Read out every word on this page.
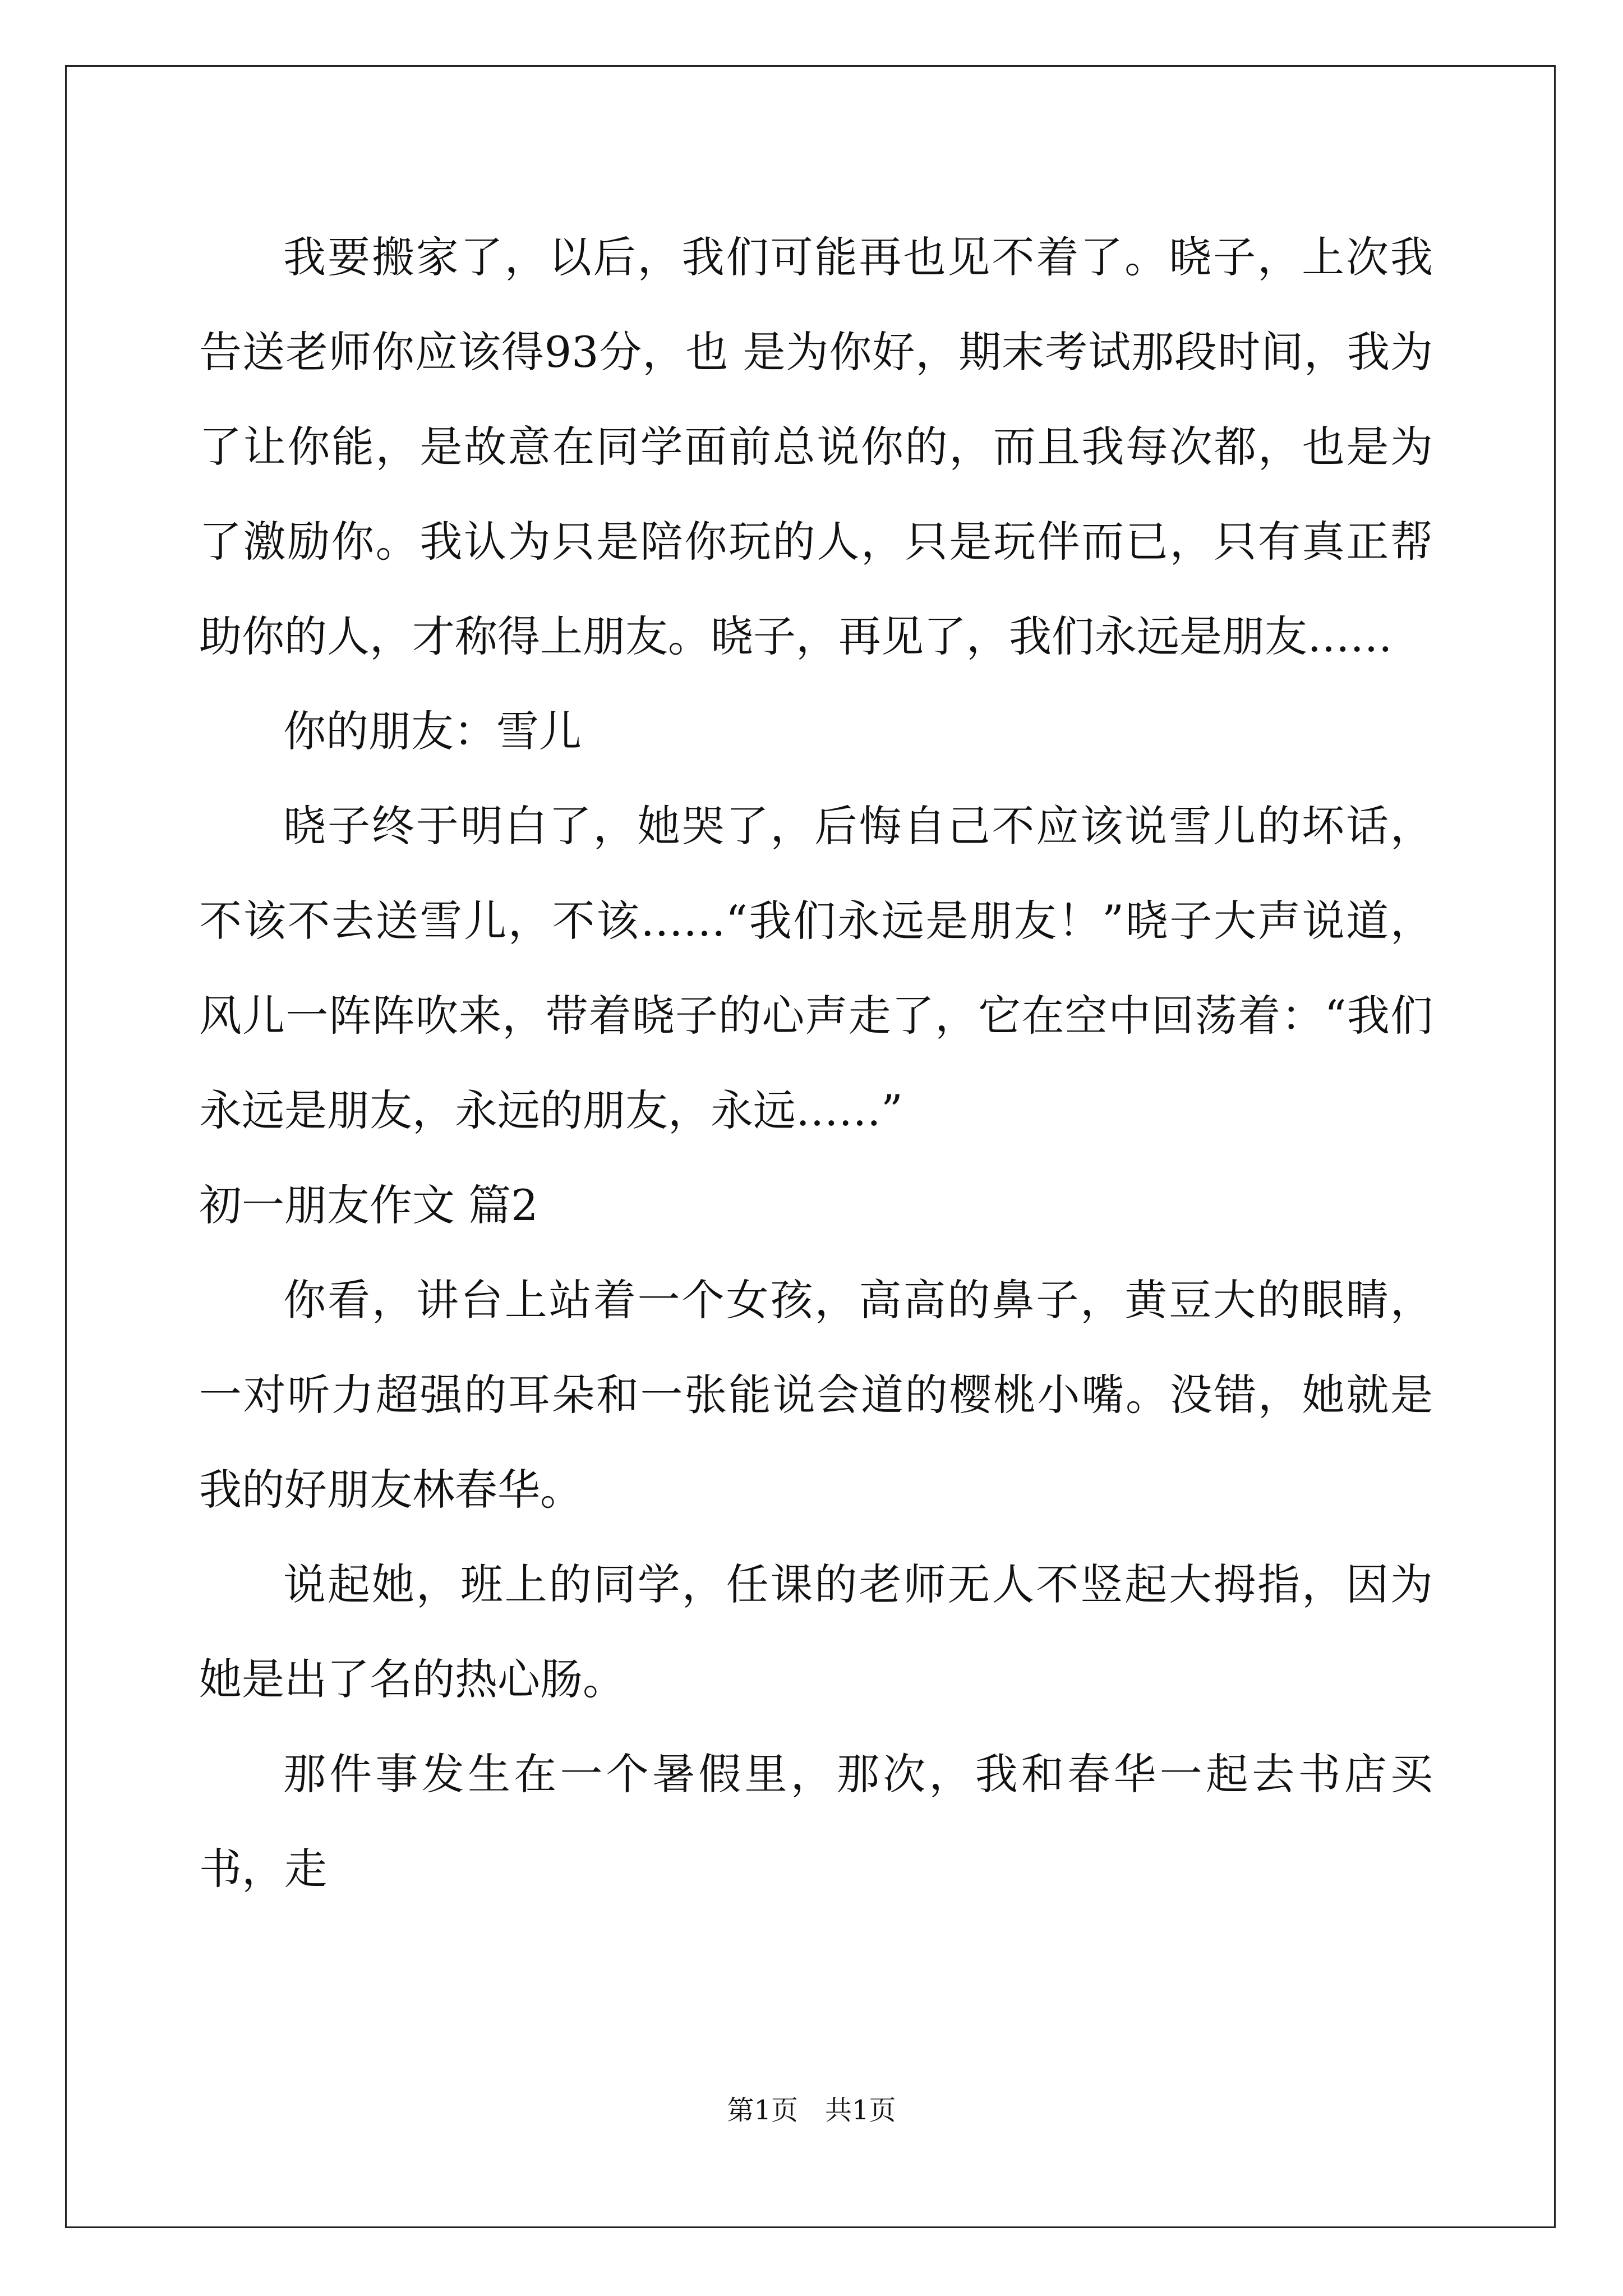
我要搬家了，以后，我们可能再也见不着了。晓子，上次我告送老师你应该得93分，也 是为你好，期末考试那段时间，我为了让你能，是故意在同学面前总说你的，而且我每次都，也是为了激励你。我认为只是陪你玩的人，只是玩伴而已，只有真正帮助你的人，才称得上朋友。晓子，再见了，我们永远是朋友……

你的朋友：雪儿

晓子终于明白了，她哭了，后悔自己不应该说雪儿的坏话，不该不去送雪儿，不该……“我们永远是朋友！”晓子大声说道，风儿一阵阵吹来，带着晓子的心声走了，它在空中回荡着：“我们永远是朋友，永远的朋友，永远……”

初一朋友作文 篇2

你看，讲台上站着一个女孩，高高的鼻子，黄豆大的眼睛，一对听力超强的耳朵和一张能说会道的樱桃小嘴。没错，她就是我的好朋友林春华。

说起她，班上的同学，任课的老师无人不竖起大拇指，因为她是出了名的热心肠。

那件事发生在一个暑假里，那次，我和春华一起去书店买书，走

第1页　共1页
